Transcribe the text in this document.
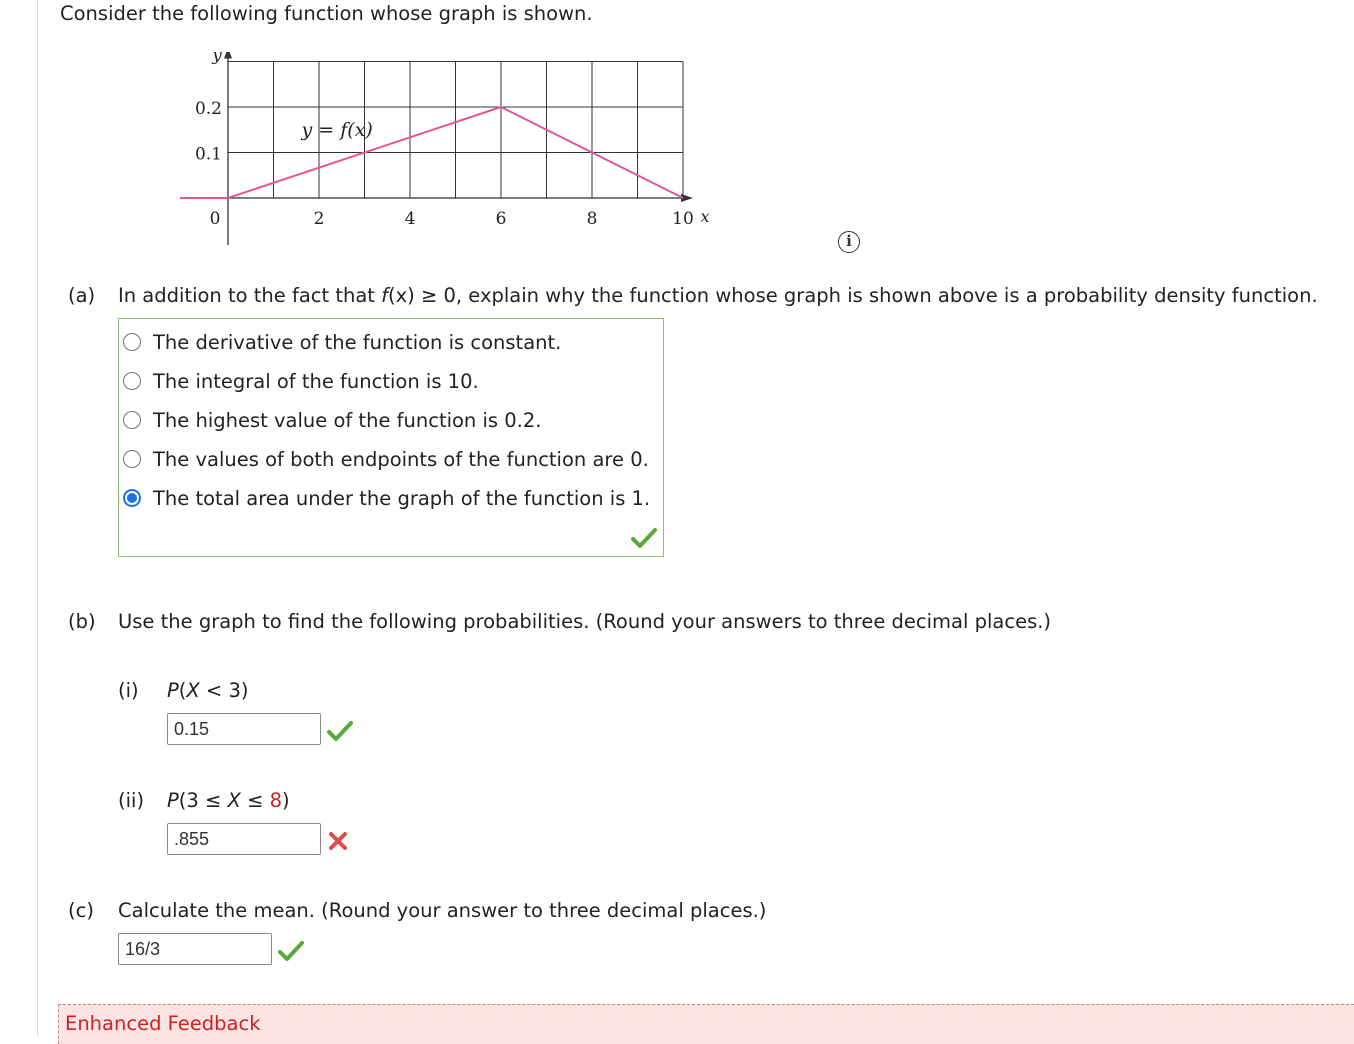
Consider the following function whose graph is shown.
0	2	4	6	8	10
0.1
0.2
x
y
y = f(x)
i
(a) In addition to the fact that f(x) ≥ 0, explain why the function whose graph is shown above is a probability density function.
The derivative of the function is constant.
The integral of the function is 10.
The highest value of the function is 0.2.
The values of both endpoints of the function are 0.
The total area under the graph of the function is 1.
(b) Use the graph to find the following probabilities. (Round your answers to three decimal places.)
(i) P(X < 3)
0.15
(ii) P(3 ≤ X ≤ 8)
.855
(c) Calculate the mean. (Round your answer to three decimal places.)
16/3
Enhanced Feedback
